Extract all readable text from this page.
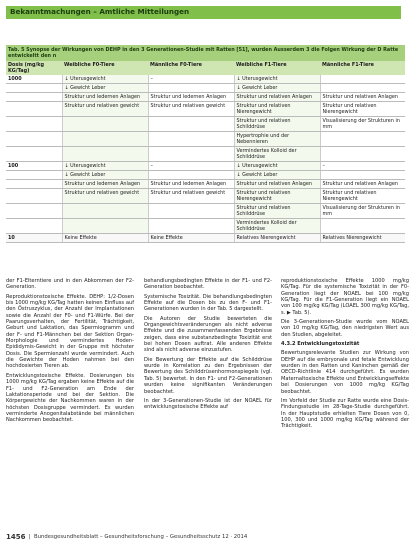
Bekanntmachungen – Amtliche Mitteilungen
Tab. 5 Synopse der Wirkungen von DEHP in den 3 Generationen-Studie mit Ratten [51], wurden Ausserdem 3 die Folgen Wirkung der D Ratte entwickeltt den n				
Dosis (mg/kg KG/Tag)	Weibliche F0-Tiere	Männliche F0-Tiere	Weibliche F1-Tiere	Männliche F1-Tiere
1000	↓ Uterusgewicht	–	↓ Uterusgewicht	
	↓ Gewicht Leber		↓ Gewicht Leber	
	Struktur und ledernen Anlagen	Struktur und ledernen Anlagen	Struktur und relativen Anlagen	Struktur und relativen Anlagen
	Struktur und relativen gewicht	Struktur und relativen gewicht	Struktur und relativen Nierengewicht	Struktur und relativen Nierengewicht
			Struktur und relativen Schilddrüse	Visualisierung der Strukturen in mm
			Hypertrophie und der Nebennieren	
			Vermindertes Kolloid der Schilddrüse	
100	↓ Uterusgewicht	–	↓ Uterusgewicht	–
	↓ Gewicht Leber		↓ Gewicht Leber	
	Struktur und ledernen Anlagen	Struktur und ledernen Anlagen	Struktur und relativen Anlagen	Struktur und relativen Anlagen
	Struktur und relativen gewicht	Struktur und relativen gewicht	Struktur und relativen Nierengewicht	Struktur und relativen Nierengewicht
			Struktur und relativen Schilddrüse	Visualisierung der Strukturen in mm
			Vermindertes Kolloid der Schilddrüse	
10	Keine Effekte	Keine Effekte	Relatives Nierengewicht	Relatives Nierengewicht

der F1-Elterntiere und in den Abkommen der F2-Generation.

Reproduktionstoxische Effekte. DEHP: 1/2-Dosen bis 1000 mg/kg KG/Tag hatten keinen Einfluss auf den Östruszyklus, der Anzahl der Implantationen sowie die Anzahl der F0- und F1-Würfe. Bei der Paarungsverhalten, der Fertilität, Trächtigkeit, Geburt und Laktation, das Spermiogramm und der F- und F1-Männchen bei der Sektion Organ-Morphologie und vermindertes Hoden-Epididymis-Gewicht in der Gruppe mit höchster Dosis. Die Spermienzahl wurde vermindert. Auch die Gewichte der Hoden nahmen bei den hochdosierten Tieren ab.

Entwicklungstoxische Effekte. Dosierungen bis 1000 mg/kg KG/Tag ergaben keine Effekte auf die F1- und F2-Generation am Ende der Laktationsperiode und bei der Sektion. Die Körpergewichte der Nachkommen waren in der höchsten Dosisgruppe vermindert. Es wurden verminderte Anogenitalabstände bei männlichen Nachkommen beobachtet.

behandlungsbedingten Effekte in der F1- und F2-Generation beobachtet.

Systemische Toxizität. Die behandlungsbedingten Effekte auf die Dosen bis zu den F- und F1-Generationen wurden in der Tab. 5 dargestellt.

Die Autoren der Studie bewerteten die Organgewichtsveränderungen als nicht adverse Effekte und die zusammenfassenden Ergebnisse zeigen, dass eine substanzbedingte Toxizität erst bei hohen Dosen auftrat. Alle anderen Effekte sind als nicht adverse einzustufen.

Die Bewertung der Effekte auf die Schilddrüse wurde in Korrelation zu den Ergebnissen der Bewertung des Schilddrüsenhormonspiegels (vgl. Tab. 5) bewertet. In den F1- und F2-Generationen wurden keine signifikanten Veränderungen beobachtet.

In der 3-Generationen-Studie ist der NOAEL für entwicklungstoxische Effekte auf

reproduktionstoxische Effekte 1000 mg/kg KG/Tag. Für die systemische Toxizität in der F0-Generation liegt der NOAEL bei 100 mg/kg KG/Tag. Für die F1-Generation liegt ein NOAEL von 100 mg/kg KG/Tag (LOAEL 300 mg/kg KG/Tag, s. ▶ Tab. 5).

Die 3-Generationen-Studie wurde vom NOAEL von 10 mg/kg KG/Tag, den niedrigsten Wert aus den Studien, abgeleitet.

4.3.2 Entwicklungstoxizität

Bewertungsrelevante Studien zur Wirkung von DEHP auf die embryonale und fetale Entwicklung wurden in den Ratten und Kaninchen gemäß der OECD-Richtlinie 414 durchgeführt. Es wurden Maternaltoxische Effekte und Entwicklungseffekte bei Dosierungen von 1000 mg/kg KG/Tag beobachtet.

Im Vorfeld der Studie zur Ratte wurde eine Dosis-Findungsstudie im 28-Tage-Studie durchgeführt. In der Hauptstudie erhielten Tiere Dosen von 0, 100, 300 und 1000 mg/kg KG/Tag während der Trächtigkeit.

1456  |  Bundesgesundheitsblatt – Gesundheitsforschung – Gesundheitsschutz 12 · 2014
